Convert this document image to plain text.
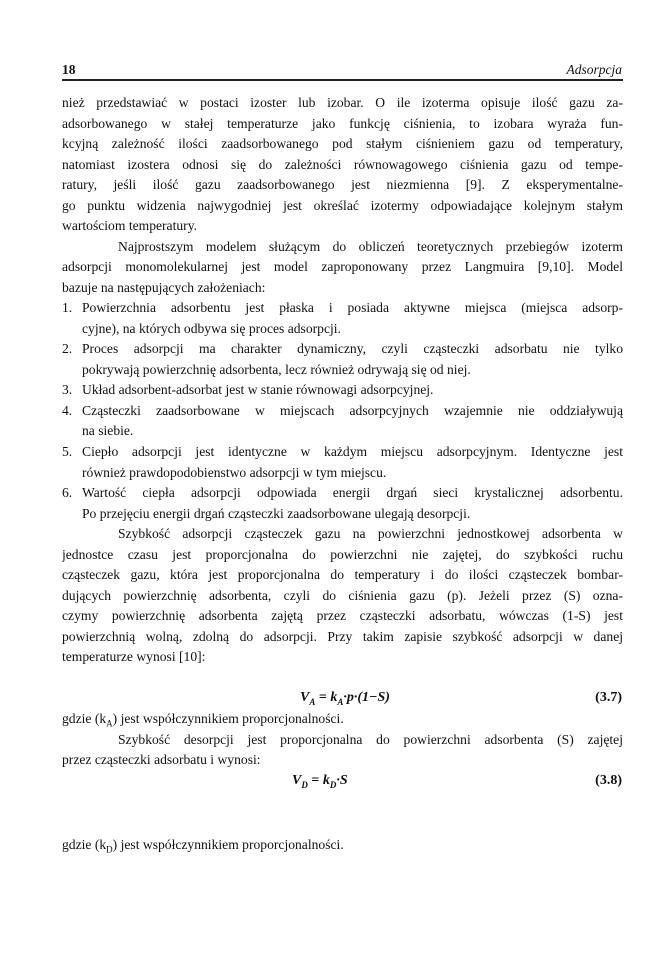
18	Adsorpcja
nież przedstawiać w postaci izoster lub izobar. O ile izoterma opisuje ilość gazu za-
adsorbowanego w stałej temperaturze jako funkcję ciśnienia, to izobara wyraża fun-
kcyjną zależność ilości zaadsorbowanego pod stałym ciśnieniem gazu od temperatury,
natomiast izostera odnosi się do zależności równowagowego ciśnienia gazu od tempe-
ratury, jeśli ilość gazu zaadsorbowanego jest niezmienna [9]. Z eksperymentalne-
go punktu widzenia najwygodniej jest określać izotermy odpowiadające kolejnym stałym
wartościom temperatury.
Najprostszym modelem służącym do obliczeń teoretycznych przebiegów izoterm
adsorpcji monomolekularnej jest model zaproponowany przez Langmuira [9,10]. Model
bazuje na następujących założeniach:
1. Powierzchnia adsorbentu jest płaska i posiada aktywne miejsca (miejsca adsorp-
cyjne), na których odbywa się proces adsorpcji.
2. Proces adsorpcji ma charakter dynamiczny, czyli cząsteczki adsorbatu nie tylko
pokrywają powierzchnię adsorbenta, lecz również odrywają się od niej.
3. Układ adsorbent-adsorbat jest w stanie równowagi adsorpcyjnej.
4. Cząsteczki zaadsorbowane w miejscach adsorpcyjnych wzajemnie nie oddziaływują
na siebie.
5. Ciepło adsorpcji jest identyczne w każdym miejscu adsorpcyjnym. Identyczne jest
również prawdopodobienstwo adsorpcji w tym miejscu.
6. Wartość ciepła adsorpcji odpowiada energii drgań sieci krystalicznej adsorbentu.
Po przejęciu energii drgań cząsteczki zaadsorbowane ulegają desorpcji.
Szybkość adsorpcji cząsteczek gazu na powierzchni jednostkowej adsorbenta w
jednostce czasu jest proporcjonalna do powierzchni nie zajętej, do szybkości ruchu
cząsteczek gazu, która jest proporcjonalna do temperatury i do ilości cząsteczek bombar-
dujących powierzchnię adsorbenta, czyli do ciśnienia gazu (p). Jeżeli przez (S) ozna-
czymy powierzchnię adsorbenta zajętą przez cząsteczki adsorbatu, wówczas (1-S) jest
powierzchnią wolną, zdolną do adsorpcji. Przy takim zapisie szybkość adsorpcji w danej
temperaturze wynosi [10]:
$V_A = k_A\cdot p\cdot(1-S)$	(3.7)
gdzie $(k_A)$ jest współczynnikiem proporcjonalności.
Szybkość desorpcji jest proporcjonalna do powierzchni adsorbenta (S) zajętej
przez cząsteczki adsorbatu i wynosi:
$V_D = k_D\cdot S$	(3.8)
gdzie $(k_D)$ jest współczynnikiem proporcjonalności.
